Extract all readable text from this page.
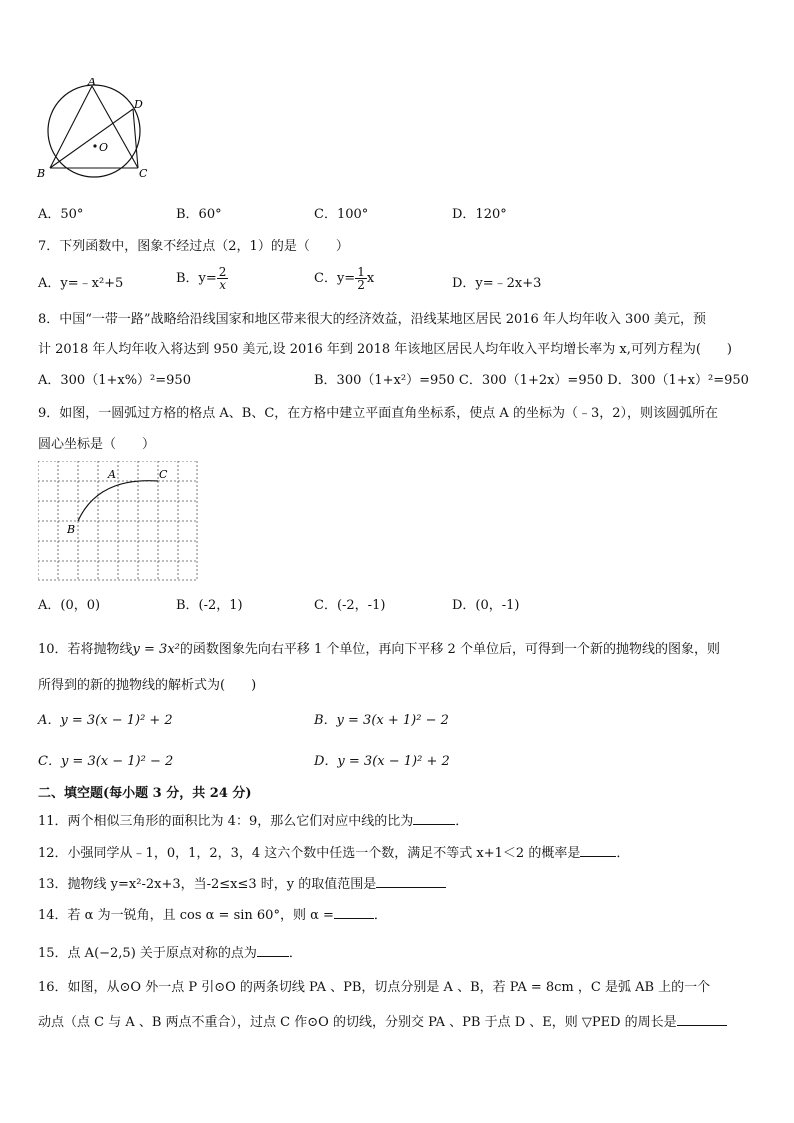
A
D
B	C
O
A．50°	B．60°	C．100°	D．120°
7．下列函数中，图象不经过点（2，1）的是（　　）
A．y=﹣x²+5	B．$y= \frac{2}{x}$	C．$y= \frac{1}{2}$ x	D．y=﹣2x+3
8．中国“一带一路”战略给沿线国家和地区带来很大的经济效益，沿线某地区居民 2016 年人均年收入 300 美元，预
计 2018 年人均年收入将达到 950 美元,设 2016 年到 2018 年该地区居民人均年收入平均增长率为 x,可列方程为(　　)
A．300（1+x%）²=950	B．300（1+x²）=950 C．300（1+2x）=950 D．300（1+x）²=950
9．如图，一圆弧过方格的格点 A、B、C，在方格中建立平面直角坐标系，使点 A 的坐标为（﹣3，2），则该圆弧所在
圆心坐标是（　　）
A	C
B
A．(0，0)	B．(-2，1)	C．(-2，-1)	D．(0，-1)
10．若将抛物线y = 3x²的函数图象先向右平移 1 个单位，再向下平移 2 个单位后，可得到一个新的抛物线的图象，则
所得到的新的抛物线的解析式为(　　)
A．y = 3(x − 1)² + 2	B．y = 3(x + 1)² − 2
C．y = 3(x − 1)² − 2	D．y = 3(x − 1)² + 2
二、填空题(每小题 3 分，共 24 分)
11．两个相似三角形的面积比为 4：9，那么它们对应中线的比为	．
12．小强同学从﹣1，0，1，2，3，4 这六个数中任选一个数，满足不等式 x+1＜2 的概率是	．
13．抛物线 y=x²-2x+3，当-2≤x≤3 时，y 的取值范围是
14．若 α 为一锐角，且 cos α = sin 60°，则 α =	．
15．点 A(−2,5) 关于原点对称的点为 ．
16．如图，从⊙O 外一点 P 引⊙O 的两条切线 PA 、PB，切点分别是 A 、B，若 PA = 8cm ，C 是弧 AB 上的一个
动点（点 C 与 A 、B 两点不重合），过点 C 作⊙O 的切线，分别交 PA 、PB 于点 D 、E，则 ▽PED 的周长是
